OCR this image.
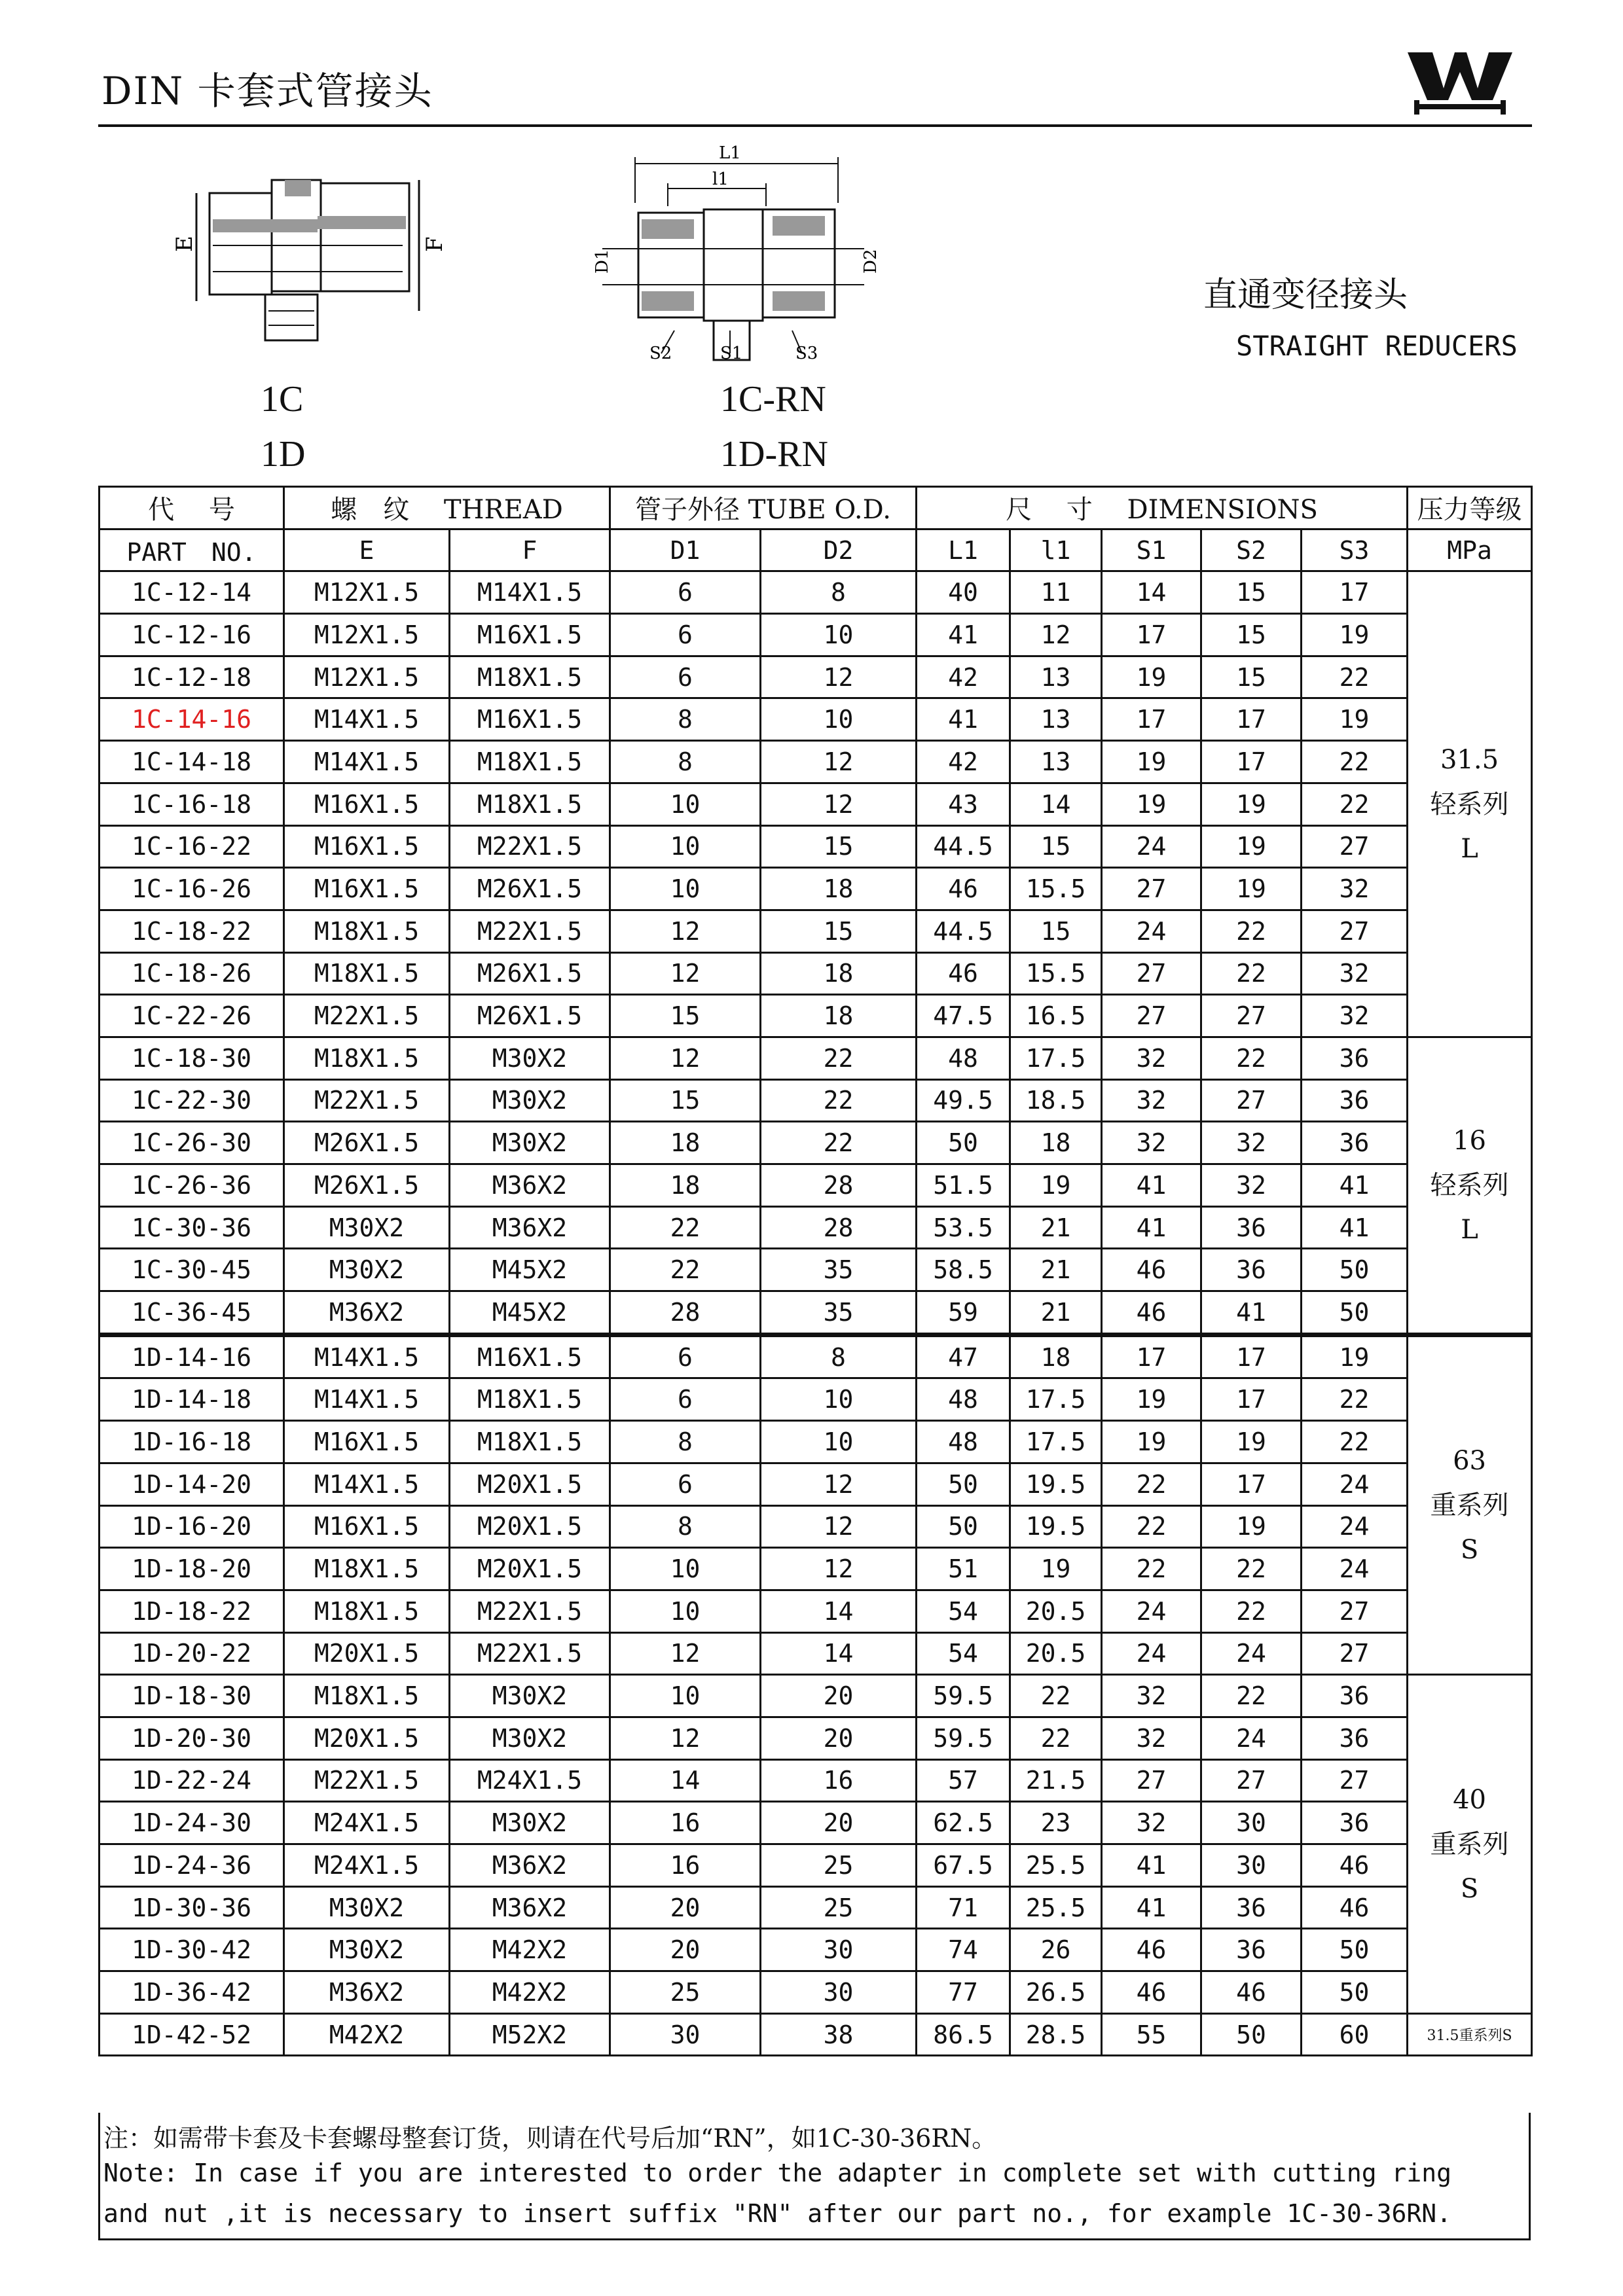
DIN 卡套式管接头
E	F
L1
l1
D1	D2
S2	S1	S3
直通变径接头
STRAIGHT REDUCERS
1C
1D
1C-RN
1D-RN
代　 号	螺　纹　 THREAD		管子外径 TUBE O.D.		尺　 寸　 DIMENSIONS					压力等级
PART　NO.	E	F	D1	D2	L1	l1	S1	S2	S3	MPa
1C-12-14	M12X1.5	M14X1.5	6	8	40	11	14	15	17	31.5
轻系列
L

1C-12-16	M12X1.5	M16X1.5	6	10	41	12	17	15	19	
1C-12-18	M12X1.5	M18X1.5	6	12	42	13	19	15	22	
1C-14-16	M14X1.5	M16X1.5	8	10	41	13	17	17	19	
1C-14-18	M14X1.5	M18X1.5	8	12	42	13	19	17	22	
1C-16-18	M16X1.5	M18X1.5	10	12	43	14	19	19	22	
1C-16-22	M16X1.5	M22X1.5	10	15	44.5	15	24	19	27	
1C-16-26	M16X1.5	M26X1.5	10	18	46	15.5	27	19	32	
1C-18-22	M18X1.5	M22X1.5	12	15	44.5	15	24	22	27	
1C-18-26	M18X1.5	M26X1.5	12	18	46	15.5	27	22	32	
1C-22-26	M22X1.5	M26X1.5	15	18	47.5	16.5	27	27	32	
1C-18-30	M18X1.5	M30X2	12	22	48	17.5	32	22	36	16
轻系列
L

1C-22-30	M22X1.5	M30X2	15	22	49.5	18.5	32	27	36	
1C-26-30	M26X1.5	M30X2	18	22	50	18	32	32	36	
1C-26-36	M26X1.5	M36X2	18	28	51.5	19	41	32	41	
1C-30-36	M30X2	M36X2	22	28	53.5	21	41	36	41	
1C-30-45	M30X2	M45X2	22	35	58.5	21	46	36	50	
1C-36-45	M36X2	M45X2	28	35	59	21	46	41	50	
1D-14-16	M14X1.5	M16X1.5	6	8	47	18	17	17	19	63
重系列
S

1D-14-18	M14X1.5	M18X1.5	6	10	48	17.5	19	17	22	
1D-16-18	M16X1.5	M18X1.5	8	10	48	17.5	19	19	22	
1D-14-20	M14X1.5	M20X1.5	6	12	50	19.5	22	17	24	
1D-16-20	M16X1.5	M20X1.5	8	12	50	19.5	22	19	24	
1D-18-20	M18X1.5	M20X1.5	10	12	51	19	22	22	24	
1D-18-22	M18X1.5	M22X1.5	10	14	54	20.5	24	22	27	
1D-20-22	M20X1.5	M22X1.5	12	14	54	20.5	24	24	27	
1D-18-30	M18X1.5	M30X2	10	20	59.5	22	32	22	36	40
重系列
S

1D-20-30	M20X1.5	M30X2	12	20	59.5	22	32	24	36	
1D-22-24	M22X1.5	M24X1.5	14	16	57	21.5	27	27	27	
1D-24-30	M24X1.5	M30X2	16	20	62.5	23	32	30	36	
1D-24-36	M24X1.5	M36X2	16	25	67.5	25.5	41	30	46	
1D-30-36	M30X2	M36X2	20	25	71	25.5	41	36	46	
1D-30-42	M30X2	M42X2	20	30	74	26	46	36	50	
1D-36-42	M36X2	M42X2	25	30	77	26.5	46	46	50	
1D-42-52	M42X2	M52X2	30	38	86.5	28.5	55	50	60	31.5重系列S
注：如需带卡套及卡套螺母整套订货，则请在代号后加“RN”，如1C-30-36RN。
Note: In case if you are interested to order the adapter in complete set with cutting ring
and nut ,it is necessary to insert suffix "RN" after our part no., for example 1C-30-36RN.
